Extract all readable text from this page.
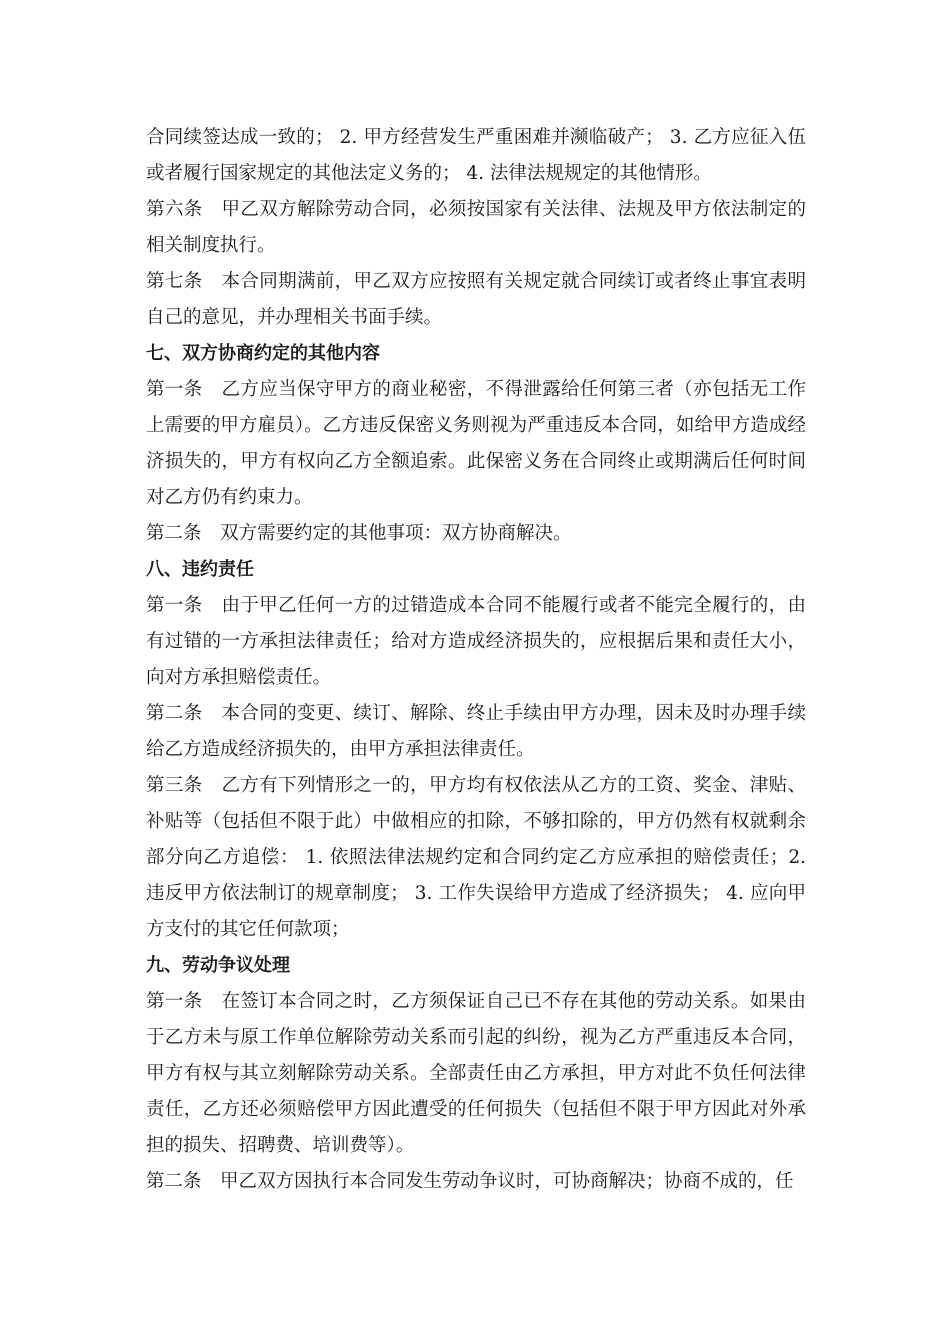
合同续签达成一致的； 2. 甲方经营发生严重困难并濒临破产； 3. 乙方应征入伍或者履行国家规定的其他法定义务的； 4. 法律法规规定的其他情形。

第六条　甲乙双方解除劳动合同，必须按国家有关法律、法规及甲方依法制定的相关制度执行。

第七条　本合同期满前，甲乙双方应按照有关规定就合同续订或者终止事宜表明自己的意见，并办理相关书面手续。

七、双方协商约定的其他内容

第一条　乙方应当保守甲方的商业秘密，不得泄露给任何第三者（亦包括无工作上需要的甲方雇员）。乙方违反保密义务则视为严重违反本合同，如给甲方造成经济损失的，甲方有权向乙方全额追索。此保密义务在合同终止或期满后任何时间对乙方仍有约束力。

第二条　双方需要约定的其他事项：双方协商解决。

八、违约责任

第一条　由于甲乙任何一方的过错造成本合同不能履行或者不能完全履行的，由有过错的一方承担法律责任；给对方造成经济损失的，应根据后果和责任大小，向对方承担赔偿责任。

第二条　本合同的变更、续订、解除、终止手续由甲方办理，因未及时办理手续给乙方造成经济损失的，由甲方承担法律责任。

第三条　乙方有下列情形之一的，甲方均有权依法从乙方的工资、奖金、津贴、补贴等（包括但不限于此）中做相应的扣除，不够扣除的，甲方仍然有权就剩余部分向乙方追偿： 1. 依照法律法规约定和合同约定乙方应承担的赔偿责任；2. 违反甲方依法制订的规章制度； 3. 工作失误给甲方造成了经济损失； 4. 应向甲方支付的其它任何款项；

九、劳动争议处理

第一条　在签订本合同之时，乙方须保证自己已不存在其他的劳动关系。如果由于乙方未与原工作单位解除劳动关系而引起的纠纷，视为乙方严重违反本合同，甲方有权与其立刻解除劳动关系。全部责任由乙方承担，甲方对此不负任何法律责任，乙方还必须赔偿甲方因此遭受的任何损失（包括但不限于甲方因此对外承担的损失、招聘费、培训费等）。

第二条　甲乙双方因执行本合同发生劳动争议时，可协商解决；协商不成的，任
